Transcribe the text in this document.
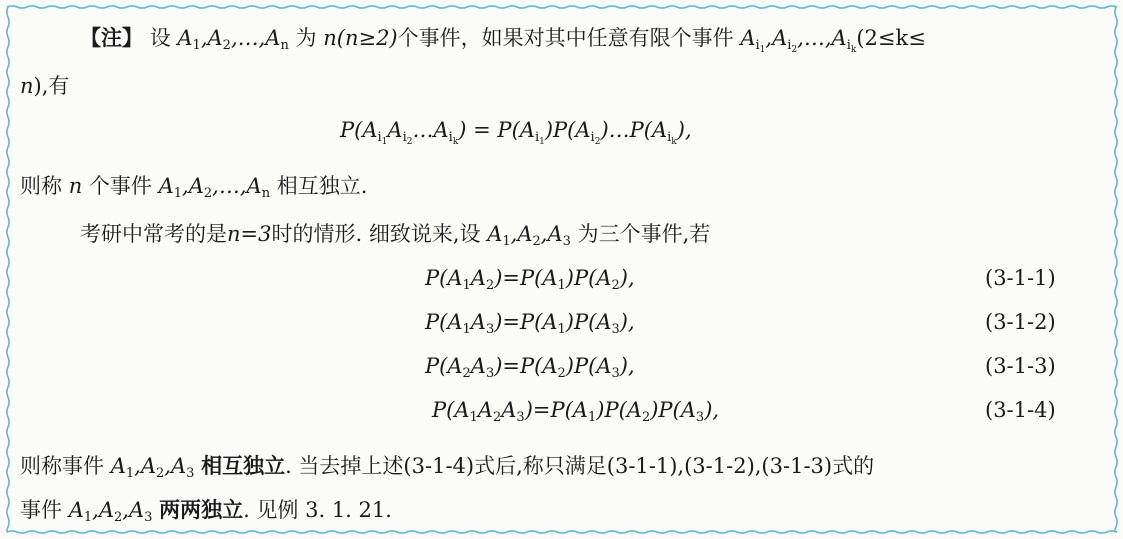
【注】 设 $A_1,A_2,\dots,A_n$ 为 n(n≥2)个事件，如果对其中任意有限个事件 $A_{i_1},A_{i_2},\dots,A_{i_k}(2\le k\le$
n),有
$P(A_{i_1}A_{i_2}\dots A_{i_k})$ = $P(A_{i_1})P(A_{i_2})\dots P(A_{i_k})$,
则称 n 个事件 $A_1,A_2,\dots,A_n$ 相互独立.
考研中常考的是n=3时的情形. 细致说来,设 $A_1,A_2,A_3$ 为三个事件,若
$P(A_1A_2)=P(A_1)P(A_2)$,	(3-1-1)
$P(A_1A_3)=P(A_1)P(A_3)$,	(3-1-2)
$P(A_2A_3)=P(A_2)P(A_3)$,	(3-1-3)
$P(A_1A_2A_3)=P(A_1)P(A_2)P(A_3)$,	(3-1-4)
则称事件 $A_1,A_2,A_3$ 相互独立. 当去掉上述(3-1-4)式后,称只满足(3-1-1),(3-1-2),(3-1-3)式的
事件 $A_1,A_2,A_3$ 两两独立. 见例 3. 1. 21.
